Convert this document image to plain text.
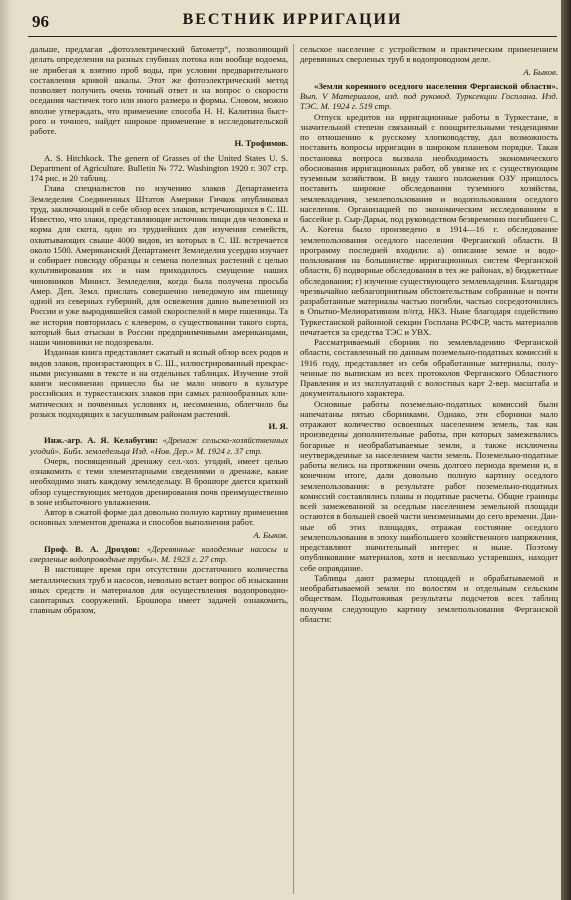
96	ВЕСТНИК ИРРИГАЦИИ

дальше, предлагая „фотоэлектрический батометр“, позволяющий делать определения на разных глубинах потока или вообще водоема, не прибегая к взятию проб воды, при условии предварительного составления кривой шкалы. Этот же фотоэлектрический метод позволяет получить очень точный ответ и на вопрос о скорости оседания частичек того или иного размера и формы. Словом, можно вполне утверждать, что применение способа Н. Н. Калитина быстрого и точного, найдет широкое применение в исследовательской работе.

Н. Трофимов.

A. S. Hitchkock. The genern of Grasses of the United States U. S. Department of Agriculture. Bulletin № 772. Washington 1920 г. 307 стр. 174 рис. и 20 таблиц.

Глава специалистов по изучению злаков Департамента Земледелия Соединенных Штатов Америки Гичкок опубликовал труд, заключающий в себе обзор всех злаков, встречающихся в С. Ш. Известно, что злаки, представляющие источник пищи для человека и корма для скота, одно из труднейших для изучения семейств, охватывающих свыше 4000 видов, из которых в С. Ш. встречается около 1500. Американский Департамент Земледелия усердно изучает и собирает повсюду образцы и семена полезных растений с целью культивирования их и нам приходилось смущение наших чиновников Минист. Земледелия, когда была получена просьба Амер. Деп. Земл. прислать совершенно неведомую им пшеницу одной из северных губерний, для освежения давно вывезенной из России и уже выродившейся самой скороспелой в мире пшеницы. Та же история повторилась с клевером, о существовании такого сорта, который был отыскан в России предприимчивыми американцами, наши чиновники не подозревали.

Изданная книга представляет сжатый и ясный обзор всех родов и видов злаков, произрастающих в С. Ш., иллюстрированный прекрасными рисунками в тексте и на отдельных таблицах. Изучение этой книги несомненно принесло бы не мало нового в культуре российских и туркестанских злаков при самых разнообразных климатических и почвенных условиях и, несомненно, облегчило бы розыск подходящих к засушливым районам растений.

И. Я.

Инж.-агр. А. Я. Келабугин: «Дренаж сельско-хозяйственных угодий». Библ. земледельца Изд. «Нов. Дер.» М. 1924 г. 37 стр.

Очерк, посвященный дренажу сел.-хоз. угодий, имеет целью ознакомить с теми элементарными сведениями о дренаже, какие необходимо знать каждому земледельцу. В брошюре дается краткий обзор существующих методов дренирования почв преимущественно в зоне избыточного увлажнения.

Автор в сжатой форме дал довольно полную картину применения основных элементов дренажа и способов выполнения работ.

А. Быков.

Проф. В. А. Дроздов: «Деревянные колодезные насосы и сверленые водопроводные трубы». М. 1923 г. 27 стр.

В настоящее время при отсутствии достаточного количества металлических труб и насосов, невольно встает вопрос об изыскании иных средств и материалов для осуществления водопроводно-санитарных сооружений. Брошюра имеет задачей ознакомить, главным образом,

сельское население с устройством и практическим применением деревянных сверленых труб в водопроводном деле.

А. Быков.

«Земли коренного оседлого населения Ферганской области». Вып. V Материалов, изд. под руковод. Турксекции Госплана. Изд. ТЭС. М. 1924 г. 519 стр.

Отпуск кредитов на ирригационные работы в Туркестане, в значительной степени связанный с поощрительными тенденциями по отношению к русскому хлопководству, дал возможность поставить вопросы ирригации в широком планевом порядке. Такая постановка вопроса вызвала необходимость экономического обоснования ирригационных работ, об увязке их с существующим туземным хозяйством. В виду такого положения ОЗУ пришлось поставить широкие обследования туземного хозяйства, землевладения, землепользования и водопользования оседлого населения. Организацией по экономическим исследованиям в бассейне р. Сыр-Дарьи, под руководством безвременно погибшего С. А. Когена было произведено в 1914—16 г. обследование землепользования оседлого населения Ферганской области. В программу последней входили: а) описание земле и водо-пользования на большинстве ирригационных систем Ферганской области, б) подворные обследования в тех же районах, в) бюджетные обследования; г) изучение существующего землевладения. Благодаря чрезвычайно неблагоприятным обстоятельствам собранные и почти разработанные материалы частью погибли, частью сосредоточились в Опытно-Мелиоративном п/отд. НКЗ. Ныне благодаря содействию Туркестанской районной секции Госплана РСФСР, часть материалов печатается за средства ТЭС и УВХ.

Рассматриваемый сборник по землевладению Ферганской области, составленный по данным поземельно-податных комиссий к 1916 году, представляет из себя обработанные материалы, полученные по выпискам из всех протоколов Ферганского Областного Правления и из эксплуатаций с волостных карт 2-вер. масштаба и документального характера.

Основные работы поземельно-податных комиссий были напечатаны пятью сборниками. Однако, эти сборники мало отражают количество освоенных населением земель, так как произведены дополнительные работы, при которых замежевались богарные и необрабатываемые земли, а также исключены неутвержденные за населением части земель. Поземельно-податные работы велись на протяжении очень долгого периода времени и, в конечном итоге, дали довольно полную картину оседлого землепользования: в результате работ поземельно-податных комиссий составлялись планы и податные расчеты. Общие границы всей замежеванной за оседлым населением земельной площади остаются в большей своей части неизменными до сего времени. Данные об этих площадях, отражая состояние оседлого землепользования в эпоху наибольшего хозяйственного напряжения, представляют значительный интерес и ныне. Поэтому опубликование материалов, хотя и несколько устаревших, находит себе оправдание.

Таблицы дают размеры площадей и обрабатываемой и необрабатываемой земли по волостям и отдельным сельским обществам. Подытоживая результаты подсчетов всех таблиц получим следующую картину землепользования Ферганской области:
